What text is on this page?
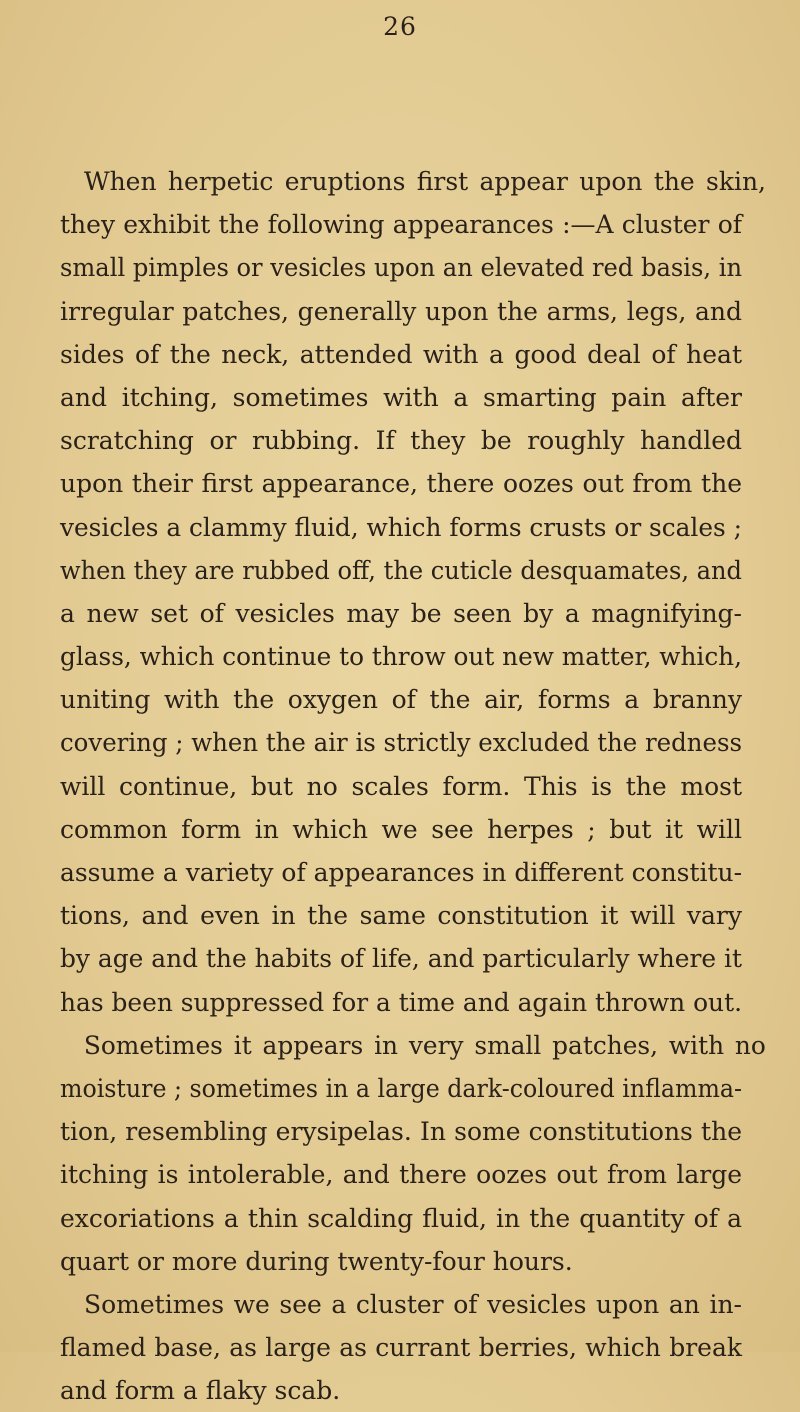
26
When herpetic eruptions first appear upon the skin,
they exhibit the following appearances :—A cluster of
small pimples or vesicles upon an elevated red basis, in
irregular patches, generally upon the arms, legs, and
sides of the neck, attended with a good deal of heat
and itching, sometimes with a smarting pain after
scratching or rubbing. If they be roughly handled
upon their first appearance, there oozes out from the
vesicles a clammy fluid, which forms crusts or scales ;
when they are rubbed off, the cuticle desquamates, and
a new set of vesicles may be seen by a magnifying-
glass, which continue to throw out new matter, which,
uniting with the oxygen of the air, forms a branny
covering ; when the air is strictly excluded the redness
will continue, but no scales form. This is the most
common form in which we see herpes ; but it will
assume a variety of appearances in different constitu-
tions, and even in the same constitution it will vary
by age and the habits of life, and particularly where it
has been suppressed for a time and again thrown out.
Sometimes it appears in very small patches, with no
moisture ; sometimes in a large dark-coloured inflamma-
tion, resembling erysipelas. In some constitutions the
itching is intolerable, and there oozes out from large
excoriations a thin scalding fluid, in the quantity of a
quart or more during twenty-four hours.
Sometimes we see a cluster of vesicles upon an in-
flamed base, as large as currant berries, which break
and form a flaky scab.
